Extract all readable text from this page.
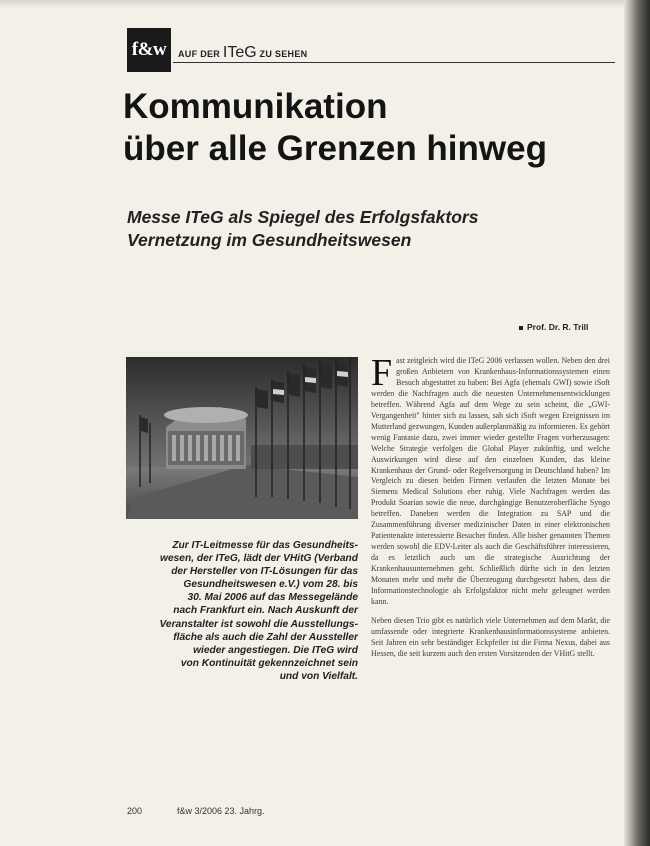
f&w	AUF DER ITeG ZU SEHEN
Kommunikation
über alle Grenzen hinweg
Messe ITeG als Spiegel des Erfolgsfaktors
Vernetzung im Gesundheitswesen
Prof. Dr. R. Trill
Zur IT-Leitmesse für das Gesundheits-
wesen, der ITeG, lädt der VHitG (Verband
der Hersteller von IT-Lösungen für das
Gesundheitswesen e.V.) vom 28. bis
30. Mai 2006 auf das Messegelände
nach Frankfurt ein. Nach Auskunft der
Veranstalter ist sowohl die Ausstellungs-
fläche als auch die Zahl der Aussteller
wieder angestiegen. Die ITeG wird
von Kontinuität gekennzeichnet sein
und von Vielfalt.

Fast zeitgleich wird die ITeG 2006 verlassen wollen. Neben den drei großen Anbietern von Krankenhaus-Informationssystemen einen Besuch abgestattet zu haben: Bei Agfa (ehemals GWI) sowie iSoft werden die Nachfragen auch die neuesten Unternehmensentwicklungen betreffen. Während Agfa auf dem Wege zu sein scheint, die „GWI-Vergangenheit" hinter sich zu lassen, sah sich iSoft wegen Ereignissen im Mutterland gezwungen, Kunden außerplanmäßig zu informieren. Es gehört wenig Fantasie dazu, zwei immer wieder gestellte Fragen vorherzusagen: Welche Strategie verfolgen die Global Player zukünftig, und welche Auswirkungen wird diese auf den einzelnen Kunden, das kleine Krankenhaus der Grund- oder Regelversorgung in Deutschland haben? Im Vergleich zu diesen beiden Firmen verlaufen die letzten Monate bei Siemens Medical Solutions eher ruhig. Viele Nachfragen werden das Produkt Soarian sowie die neue, durchgängige Benutzeroberfläche Syngo betreffen. Daneben werden die Integration zu SAP und die Zusammenführung diverser medizinischer Daten in einer elektronischen Patientenakte interessierte Besucher finden. Alle bisher genannten Themen werden sowohl die EDV-Leiter als auch die Geschäftsführer interessieren, da es letztlich auch um die strategische Ausrichtung der Krankenhausunternehmen geht. Schließlich dürfte sich in den letzten Monaten mehr und mehr die Überzeugung durchgesetzt haben, dass die Informationstechnologie als Erfolgsfaktor nicht mehr geleugnet werden kann.

Neben diesen Trio gibt es natürlich viele Unternehmen auf dem Markt, die umfassende oder integrierte Krankenhausinformationssysteme anbieten. Seit Jahren ein sehr beständiger Eckpfeiler ist die Firma Nexus, dabei aus Hessen, die seit kurzem auch den ersten Vorsitzenden der VHitG stellt.

200	f&w 3/2006 23. Jahrg.
